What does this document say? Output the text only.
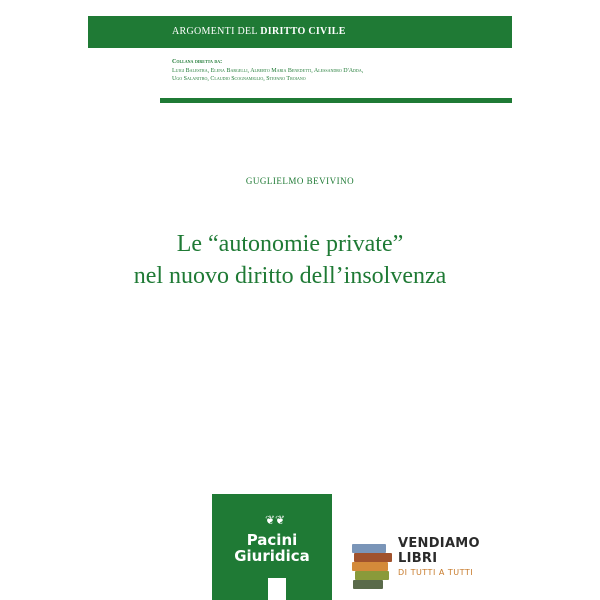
ARGOMENTI DEL DIRITTO CIVILE
Collana diretta da:
Luigi Balestra, Elena Bargelli, Alberto Maria Benedetti, Alessandro D'Adda,
Ugo Salanitro, Claudio Scognamiglio, Stefano Troiano
GUGLIELMO BEVIVINO
Le “autonomie private”
nel nuovo diritto dell’insolvenza
❦❦
Pacini
Giuridica
VENDIAMO
LIBRI
DI TUTTI A TUTTI
